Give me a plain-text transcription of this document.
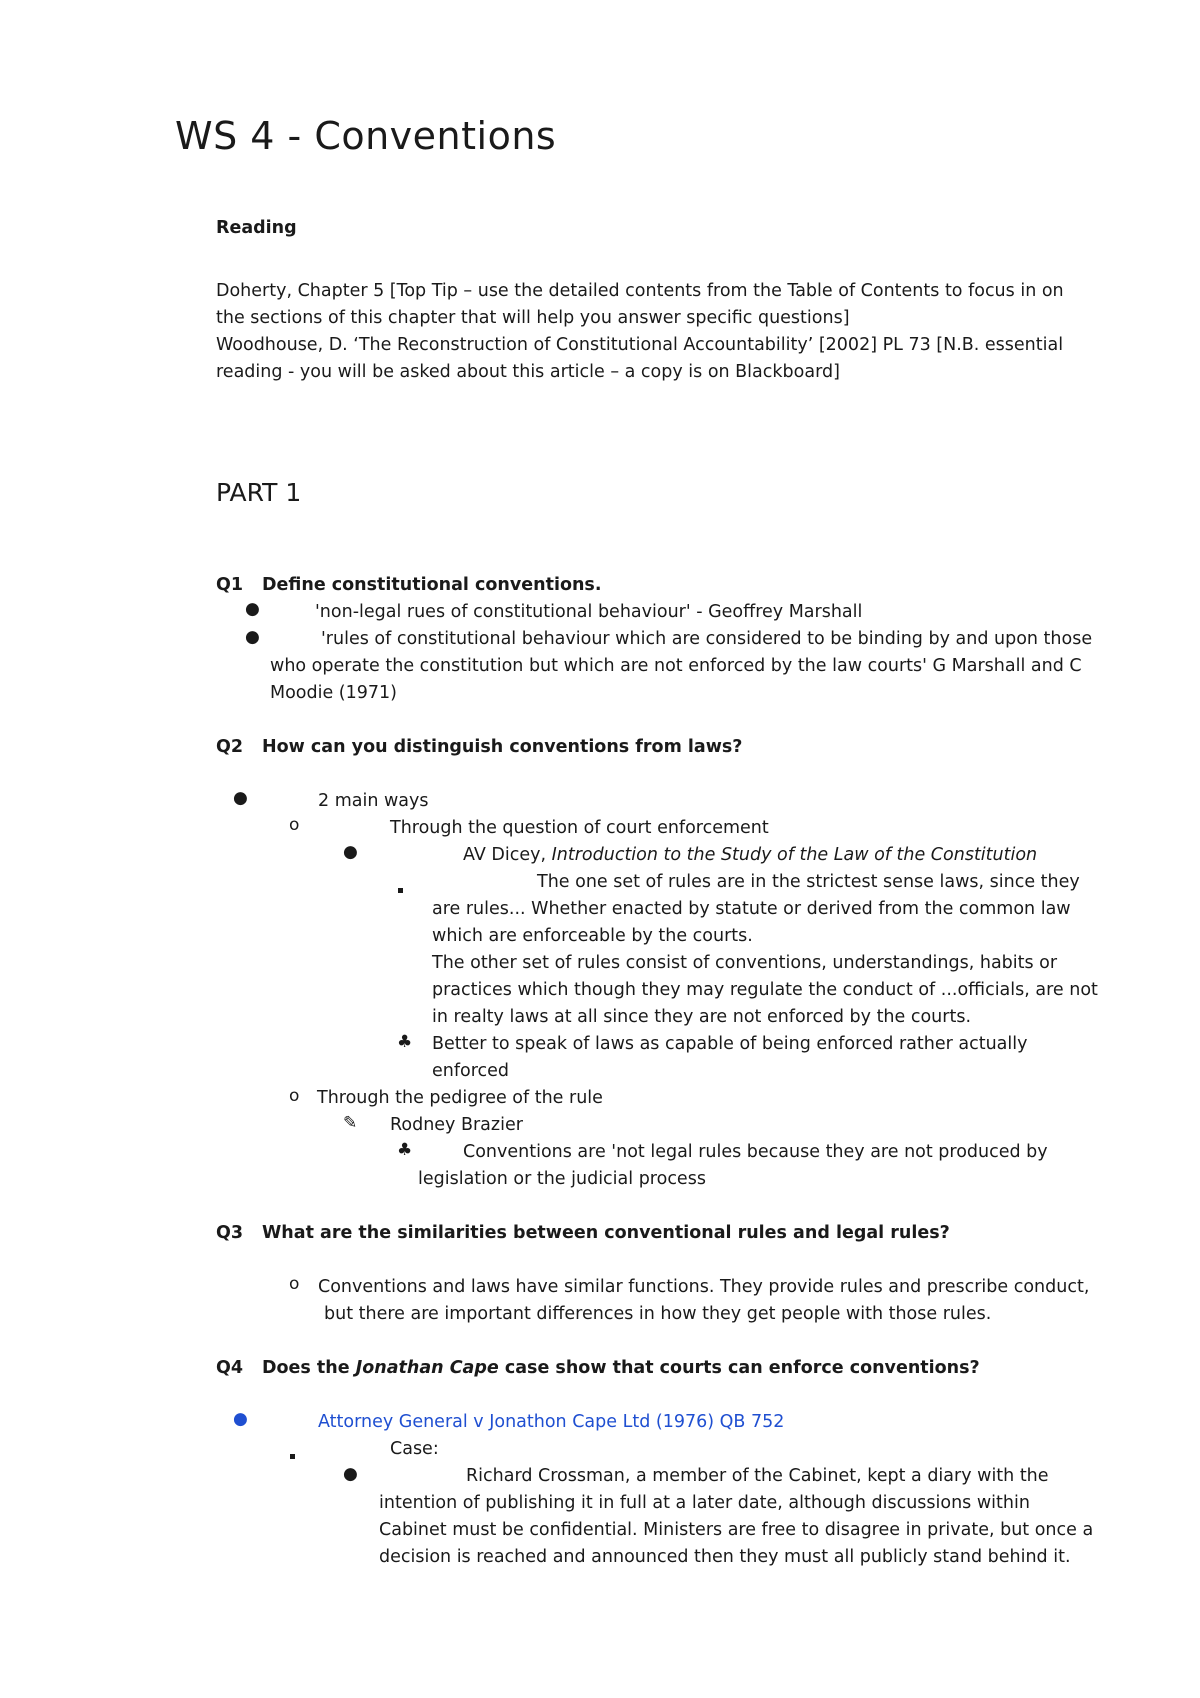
WS 4 - Conventions
Reading
Doherty, Chapter 5 [Top Tip – use the detailed contents from the Table of Contents to focus in on
the sections of this chapter that will help you answer specific questions]
Woodhouse, D. ‘The Reconstruction of Constitutional Accountability’ [2002] PL 73 [N.B. essential
reading - you will be asked about this article – a copy is on Blackboard]
PART 1
Q1 Define constitutional conventions.
●	'non-legal rues of constitutional behaviour' - Geoffrey Marshall
●	'rules of constitutional behaviour which are considered to be binding by and upon those
who operate the constitution but which are not enforced by the law courts' G Marshall and C
Moodie (1971)
Q2 How can you distinguish conventions from laws?
●	2 main ways
o	Through the question of court enforcement
●	AV Dicey, Introduction to the Study of the Law of the Constitution
The one set of rules are in the strictest sense laws, since they
are rules... Whether enacted by statute or derived from the common law
which are enforceable by the courts.
The other set of rules consist of conventions, understandings, habits or
practices which though they may regulate the conduct of ...officials, are not
in realty laws at all since they are not enforced by the courts.
♣ Better to speak of laws as capable of being enforced rather actually
enforced
o Through the pedigree of the rule
✎ Rodney Brazier
♣	Conventions are 'not legal rules because they are not produced by
legislation or the judicial process
Q3 What are the similarities between conventional rules and legal rules?
o Conventions and laws have similar functions. They provide rules and prescribe conduct,
but there are important differences in how they get people with those rules.
Q4 Does the Jonathan Cape case show that courts can enforce conventions?
●	Attorney General v Jonathon Cape Ltd (1976) QB 752
Case:
●	Richard Crossman, a member of the Cabinet, kept a diary with the
intention of publishing it in full at a later date, although discussions within
Cabinet must be confidential. Ministers are free to disagree in private, but once a
decision is reached and announced then they must all publicly stand behind it.
